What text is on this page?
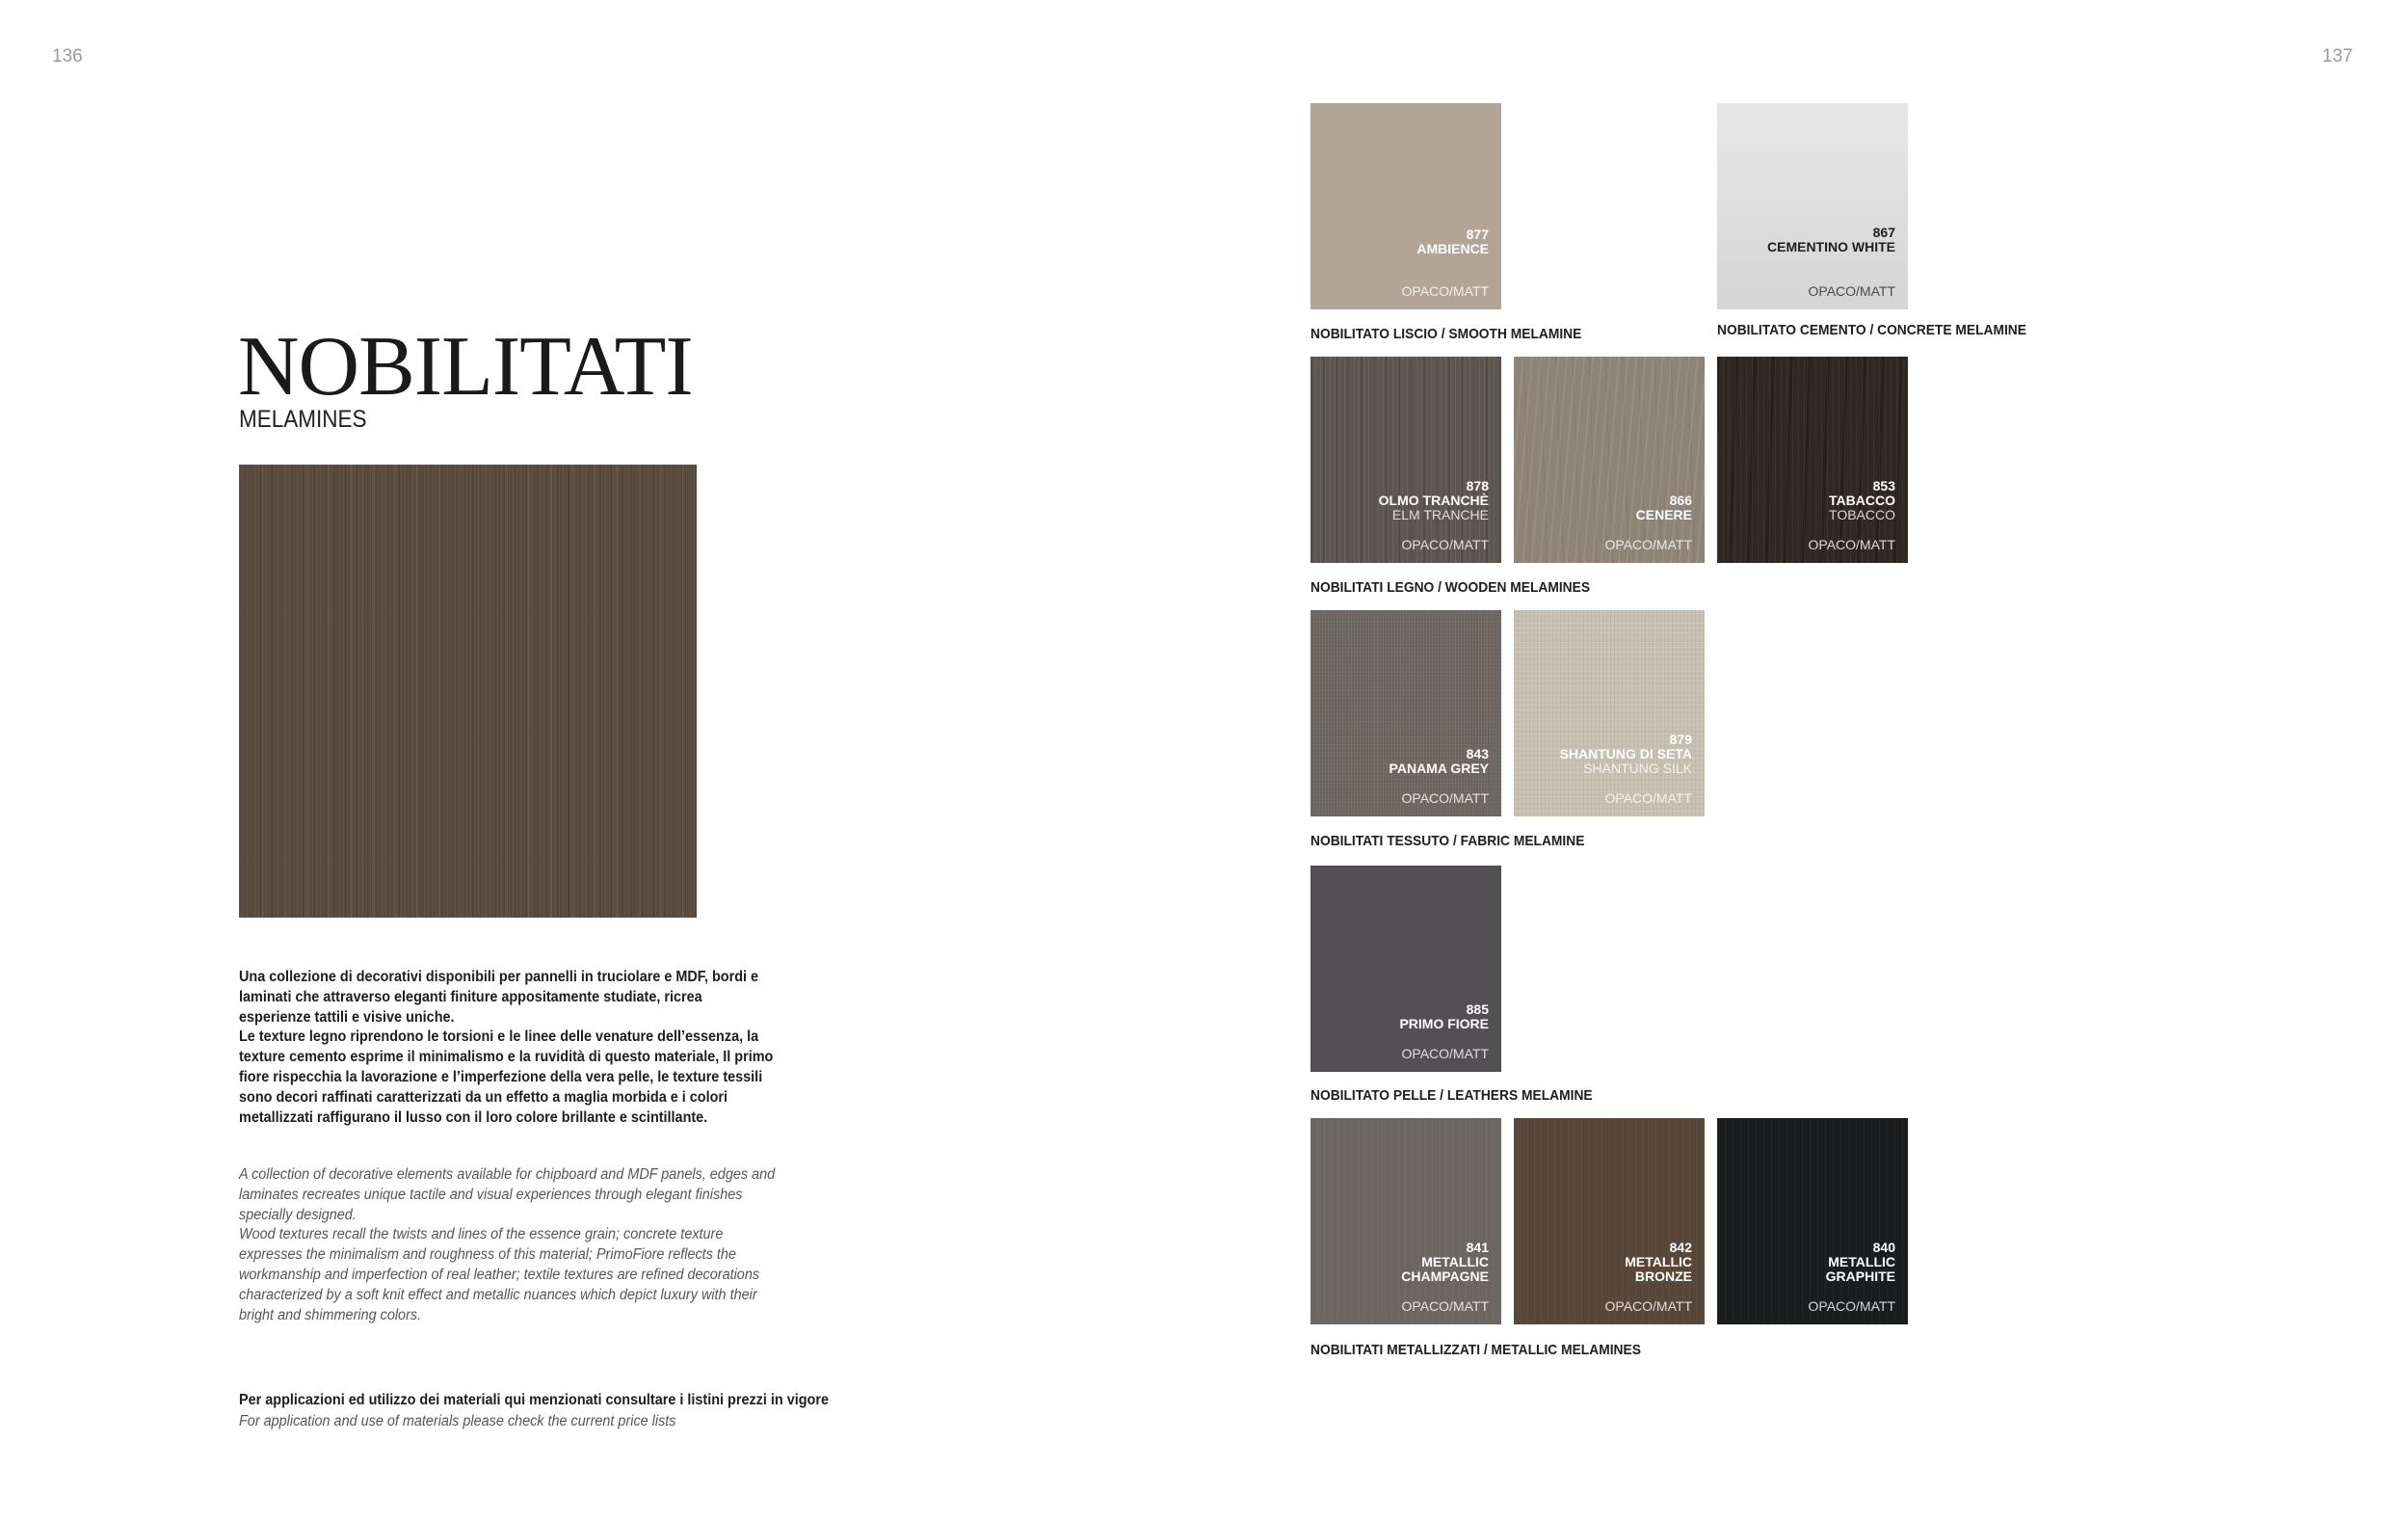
136	137
NOBILITATI
MELAMINES

Una collezione di decorativi disponibili per pannelli in truciolare e MDF, bordi e laminati che attraverso eleganti finiture appositamente studiate, ricrea esperienze tattili e visive uniche.

Le texture legno riprendono le torsioni e le linee delle venature dell’essenza, la texture cemento esprime il minimalismo e la ruvidità di questo materiale, Il primo fiore rispecchia la lavorazione e l’imperfezione della vera pelle, le texture tessili sono decori raffinati caratterizzati da un effetto a maglia morbida e i colori metallizzati raffigurano il lusso con il loro colore brillante e scintillante.

A collection of decorative elements available for chipboard and MDF panels, edges and laminates recreates unique tactile and visual experiences through elegant finishes specially designed.

Wood textures recall the twists and lines of the essence grain; concrete texture expresses the minimalism and roughness of this material; PrimoFiore reflects the workmanship and imperfection of real leather; textile textures are refined decorations characterized by a soft knit effect and metallic nuances which depict luxury with their bright and shimmering colors.

Per applicazioni ed utilizzo dei materiali qui menzionati consultare i listini prezzi in vigore
For application and use of materials please check the current price lists
877
AMBIENCE
OPACO/MATT
867
CEMENTINO WHITE
OPACO/MATT
NOBILITATO LISCIO / SMOOTH MELAMINE	NOBILITATO CEMENTO / CONCRETE MELAMINE
878
OLMO TRANCHÈ
ELM TRANCHE
OPACO/MATT
866
CENERE
OPACO/MATT
853
TABACCO
TOBACCO
OPACO/MATT
NOBILITATI LEGNO / WOODEN MELAMINES
843
PANAMA GREY
OPACO/MATT
879
SHANTUNG DI SETA
SHANTUNG SILK
OPACO/MATT
NOBILITATI TESSUTO / FABRIC MELAMINE
885
PRIMO FIORE
OPACO/MATT
NOBILITATO PELLE / LEATHERS MELAMINE
841
METALLIC
CHAMPAGNE
OPACO/MATT
842
METALLIC
BRONZE
OPACO/MATT
840
METALLIC
GRAPHITE
OPACO/MATT
NOBILITATI METALLIZZATI / METALLIC MELAMINES
